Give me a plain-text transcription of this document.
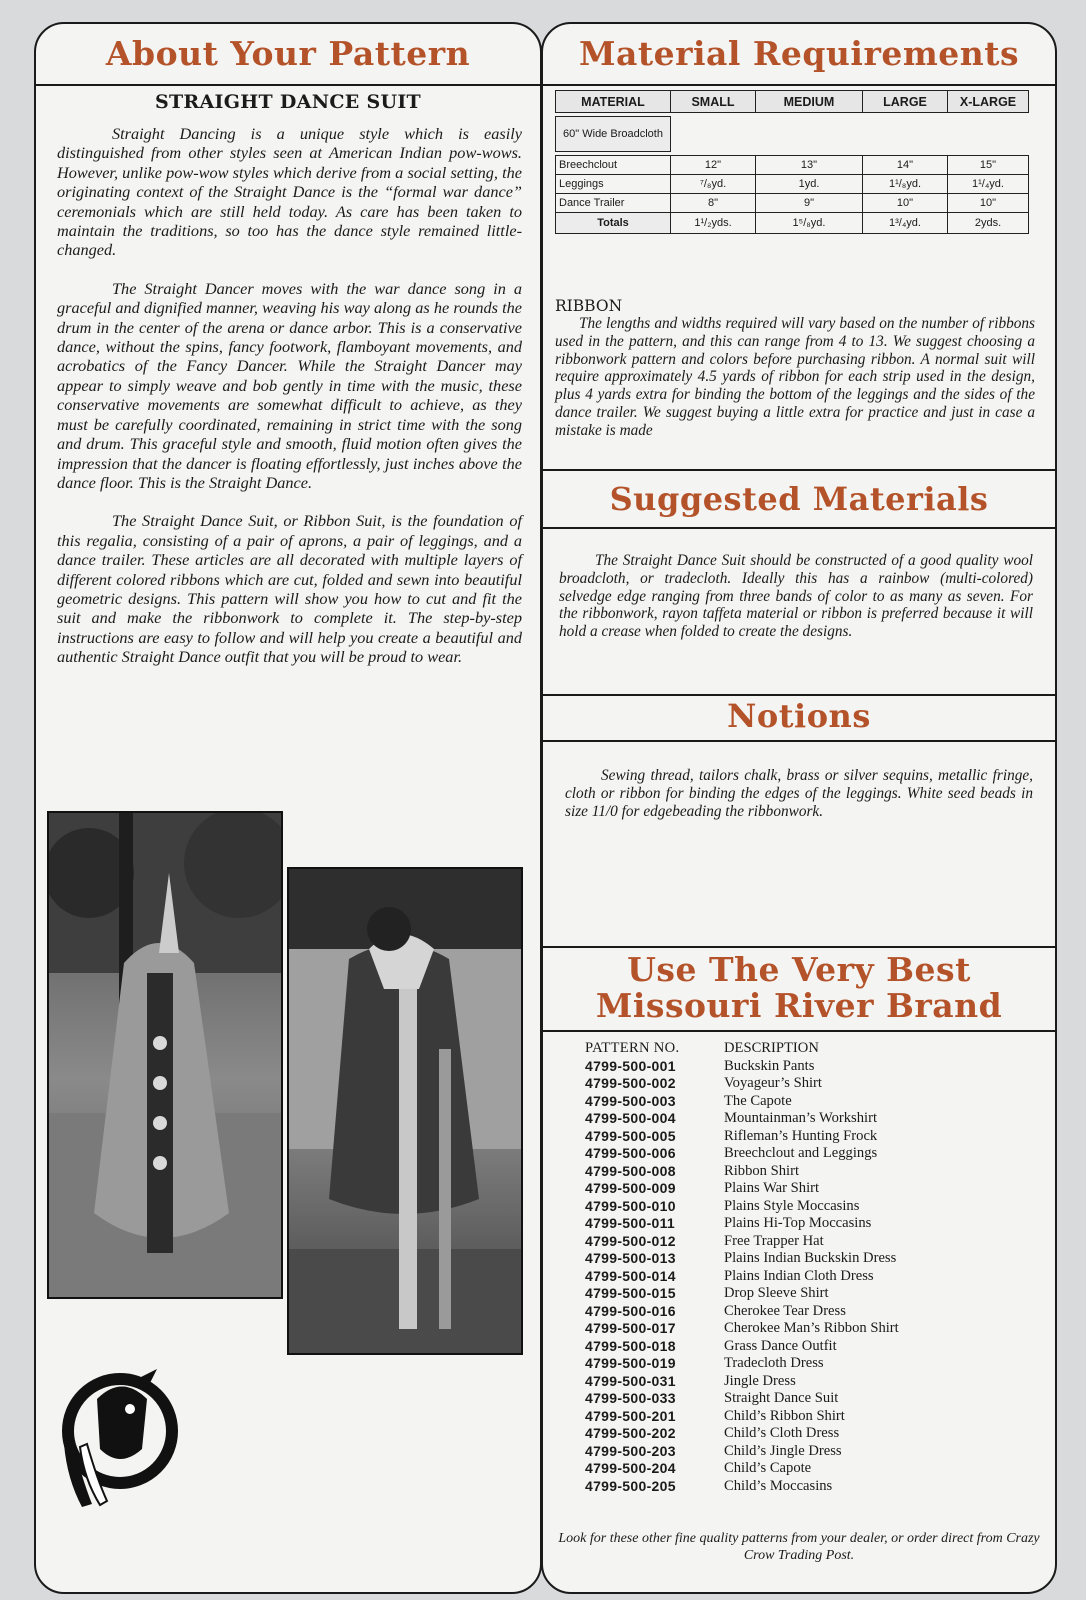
About Your Pattern
STRAIGHT DANCE SUIT

Straight Dancing is a unique style which is easily distinguished from other styles seen at American Indian pow-wows. However, unlike pow-wow styles which derive from a social setting, the originating context of the Straight Dance is the “formal war dance” ceremonials which are still held today. As care has been taken to maintain the traditions, so too has the dance style remained little-changed.

The Straight Dancer moves with the war dance song in a graceful and dignified manner, weaving his way along as he rounds the drum in the center of the arena or dance arbor. This is a conservative dance, without the spins, fancy footwork, flamboyant movements, and acrobatics of the Fancy Dancer. While the Straight Dancer may appear to simply weave and bob gently in time with the music, these conservative movements are somewhat difficult to achieve, as they must be carefully coordinated, remaining in strict time with the song and drum. This graceful style and smooth, fluid motion often gives the impression that the dancer is floating effortlessly, just inches above the dance floor. This is the Straight Dance.

The Straight Dance Suit, or Ribbon Suit, is the foundation of this regalia, consisting of a pair of aprons, a pair of leggings, and a dance trailer. These articles are all decorated with multiple layers of different colored ribbons which are cut, folded and sewn into beautiful geometric designs. This pattern will show you how to cut and fit the suit and make the ribbonwork to complete it. The step-by-step instructions are easy to follow and will help you create a beautiful and authentic Straight Dance outfit that you will be proud to wear.

Material Requirements
MATERIAL	SMALL	MEDIUM	LARGE	X-LARGE

60" Wide Broadcloth				

Breechclout	12"	13"	14"	15"
Leggings	⁷/₈yd.	1yd.	1¹/₈yd.	1¹/₄yd.
Dance Trailer	8"	9"	10"	10"
Totals	1¹/₂yds.	1⁵/₈yd.	1³/₄yd.	2yds.
RIBBON

The lengths and widths required will vary based on the number of ribbons used in the pattern, and this can range from 4 to 13. We suggest choosing a ribbonwork pattern and colors before purchasing ribbon. A normal suit will require approximately 4.5 yards of ribbon for each strip used in the design, plus 4 yards extra for binding the bottom of the leggings and the sides of the dance trailer. We suggest buying a little extra for practice and just in case a mistake is made

Suggested Materials

The Straight Dance Suit should be constructed of a good quality wool broadcloth, or tradecloth. Ideally this has a rainbow (multi-colored) selvedge edge ranging from three bands of color to as many as seven. For the ribbonwork, rayon taffeta material or ribbon is preferred because it will hold a crease when folded to create the designs.

Notions

Sewing thread, tailors chalk, brass or silver sequins, metallic fringe, cloth or ribbon for binding the edges of the leggings. White seed beads in size 11/0 for edgebeading the ribbonwork.

Use The Very Best
Missouri River Brand
PATTERN NO.	DESCRIPTION
4799-500-001	Buckskin Pants
4799-500-002	Voyageur’s Shirt
4799-500-003	The Capote
4799-500-004	Mountainman’s Workshirt
4799-500-005	Rifleman’s Hunting Frock
4799-500-006	Breechclout and Leggings
4799-500-008	Ribbon Shirt
4799-500-009	Plains War Shirt
4799-500-010	Plains Style Moccasins
4799-500-011	Plains Hi-Top Moccasins
4799-500-012	Free Trapper Hat
4799-500-013	Plains Indian Buckskin Dress
4799-500-014	Plains Indian Cloth Dress
4799-500-015	Drop Sleeve Shirt
4799-500-016	Cherokee Tear Dress
4799-500-017	Cherokee Man’s Ribbon Shirt
4799-500-018	Grass Dance Outfit
4799-500-019	Tradecloth Dress
4799-500-031	Jingle Dress
4799-500-033	Straight Dance Suit
4799-500-201	Child’s Ribbon Shirt
4799-500-202	Child’s Cloth Dress
4799-500-203	Child’s Jingle Dress
4799-500-204	Child’s Capote
4799-500-205	Child’s Moccasins
Look for these other fine quality patterns from your dealer, or order direct from Crazy Crow Trading Post.
